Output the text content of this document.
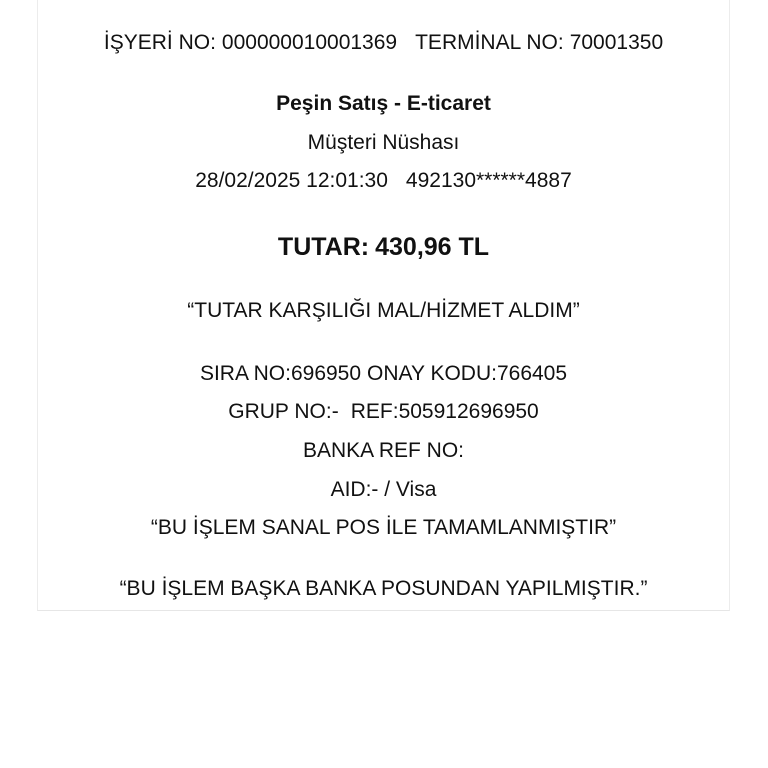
İŞYERİ NO: 000000010001369 TERMİNAL NO: 70001350
Peşin Satış - E-ticaret
Müşteri Nüshası
28/02/2025 12:01:30 492130******4887
TUTAR: 430,96 TL
“TUTAR KARŞILIĞI MAL/HİZMET ALDIM”
SIRA NO:696950 ONAY KODU:766405
GRUP NO:- REF:505912696950
BANKA REF NO:
AID:- / Visa
“BU İŞLEM SANAL POS İLE TAMAMLANMIŞTIR”
“BU İŞLEM BAŞKA BANKA POSUNDAN YAPILMIŞTIR.”
